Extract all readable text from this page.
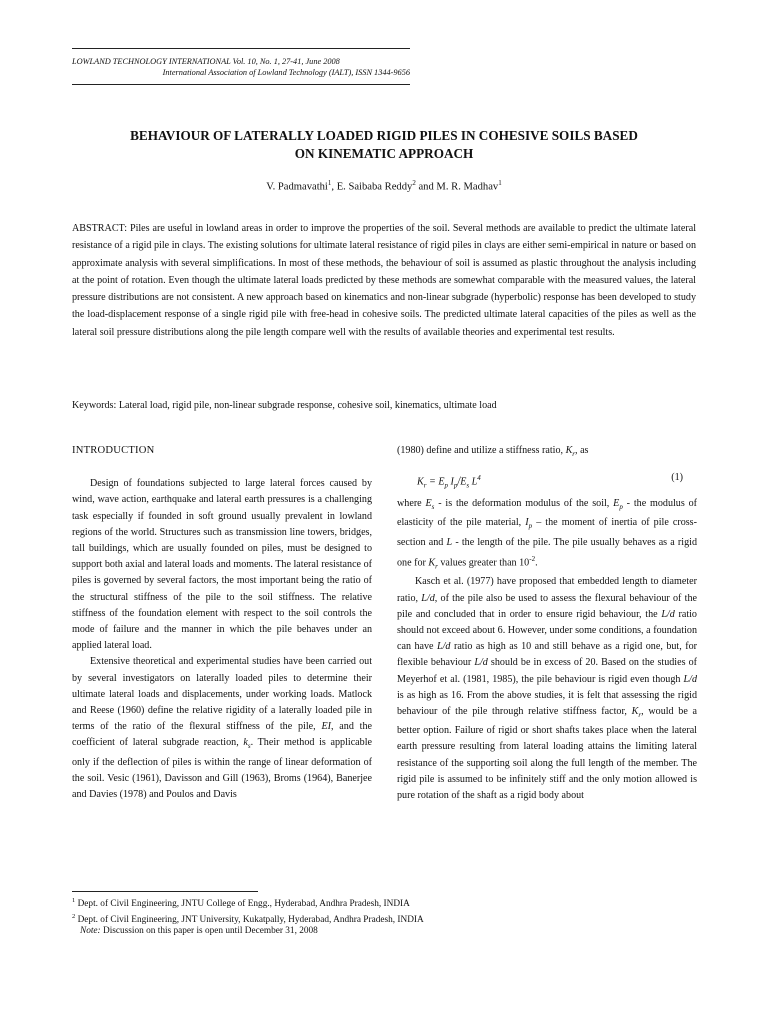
LOWLAND TECHNOLOGY INTERNATIONAL Vol. 10, No. 1, 27-41, June 2008
International Association of Lowland Technology (IALT), ISSN 1344-9656
BEHAVIOUR OF LATERALLY LOADED RIGID PILES IN COHESIVE SOILS BASED
ON KINEMATIC APPROACH
V. Padmavathi$^1$, E. Saibaba Reddy$^2$ and M. R. Madhav$^1$
ABSTRACT: Piles are useful in lowland areas in order to improve the properties of the soil. Several methods are available to predict the ultimate lateral resistance of a rigid pile in clays. The existing solutions for ultimate lateral resistance of rigid piles in clays are either semi-empirical in nature or based on approximate analysis with several simplifications. In most of these methods, the behaviour of soil is assumed as plastic throughout the analysis including at the point of rotation. Even though the ultimate lateral loads predicted by these methods are somewhat comparable with the measured values, the lateral pressure distributions are not consistent. A new approach based on kinematics and non-linear subgrade (hyperbolic) response has been developed to study the load-displacement response of a single rigid pile with free-head in cohesive soils. The predicted ultimate lateral capacities of the piles as well as the lateral soil pressure distributions along the pile length compare well with the results of available theories and experimental test results.
Keywords: Lateral load, rigid pile, non-linear subgrade response, cohesive soil, kinematics, ultimate load

INTRODUCTION

Design of foundations subjected to large lateral forces caused by wind, wave action, earthquake and lateral earth pressures is a challenging task especially if founded in soft ground usually prevalent in lowland regions of the world. Structures such as transmission line towers, bridges, tall buildings, which are usually founded on piles, must be designed to support both axial and lateral loads and moments. The lateral resistance of piles is governed by several factors, the most important being the ratio of the structural stiffness of the pile to the soil stiffness. The relative stiffness of the foundation element with respect to the soil controls the mode of failure and the manner in which the pile behaves under an applied lateral load.

Extensive theoretical and experimental studies have been carried out by several investigators on laterally loaded piles to determine their ultimate lateral loads and displacements, under working loads. Matlock and Reese (1960) define the relative rigidity of a laterally loaded pile in terms of the ratio of the flexural stiffness of the pile, EI, and the coefficient of lateral subgrade reaction, $k_s$. Their method is applicable only if the deflection of piles is within the range of linear deformation of the soil. Vesic (1961), Davisson and Gill (1963), Broms (1964), Banerjee and Davies (1978) and Poulos and Davis

(1980) define and utilize a stiffness ratio, $K_r$, as

$K_r = E_p$ $I_p/E_s$ $L^4$	(1)

where $E_s$ - is the deformation modulus of the soil, $E_p$ - the modulus of elasticity of the pile material, $I_p$ – the moment of inertia of pile cross-section and L - the length of the pile. The pile usually behaves as a rigid one for $K_r$ values greater than $10^{-2}$.

Kasch et al. (1977) have proposed that embedded length to diameter ratio, L/d, of the pile also be used to assess the flexural behaviour of the pile and concluded that in order to ensure rigid behaviour, the L/d ratio should not exceed about 6. However, under some conditions, a foundation can have L/d ratio as high as 10 and still behave as a rigid one, but, for flexible behaviour L/d should be in excess of 20. Based on the studies of Meyerhof et al. (1981, 1985), the pile behaviour is rigid even though L/d is as high as 16. From the above studies, it is felt that assessing the rigid behaviour of the pile through relative stiffness factor, $K_r$, would be a better option. Failure of rigid or short shafts takes place when the lateral earth pressure resulting from lateral loading attains the limiting lateral resistance of the supporting soil along the full length of the member. The rigid pile is assumed to be infinitely stiff and the only motion allowed is pure rotation of the shaft as a rigid body about

$^1$ Dept. of Civil Engineering, JNTU College of Engg., Hyderabad, Andhra Pradesh, INDIA
$^2$ Dept. of Civil Engineering, JNT University, Kukatpally, Hyderabad, Andhra Pradesh, INDIA
Note: Discussion on this paper is open until December 31, 2008
